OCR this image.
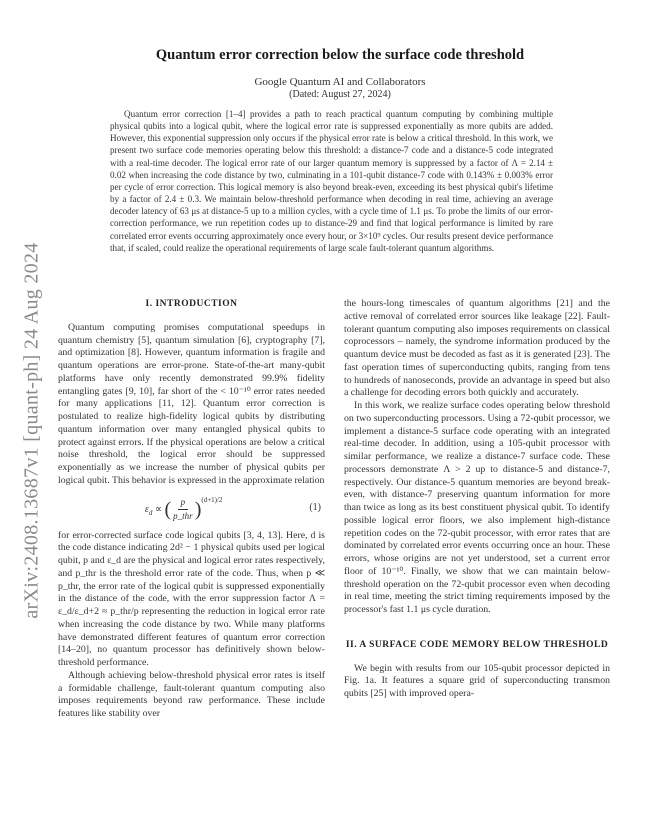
arXiv:2408.13687v1 [quant-ph] 24 Aug 2024
Quantum error correction below the surface code threshold
Google Quantum AI and Collaborators
(Dated: August 27, 2024)

Quantum error correction [1–4] provides a path to reach practical quantum computing by combining multiple physical qubits into a logical qubit, where the logical error rate is suppressed exponentially as more qubits are added. However, this exponential suppression only occurs if the physical error rate is below a critical threshold. In this work, we present two surface code memories operating below this threshold: a distance-7 code and a distance-5 code integrated with a real-time decoder. The logical error rate of our larger quantum memory is suppressed by a factor of Λ = 2.14 ± 0.02 when increasing the code distance by two, culminating in a 101-qubit distance-7 code with 0.143% ± 0.003% error per cycle of error correction. This logical memory is also beyond break-even, exceeding its best physical qubit's lifetime by a factor of 2.4 ± 0.3. We maintain below-threshold performance when decoding in real time, achieving an average decoder latency of 63 μs at distance-5 up to a million cycles, with a cycle time of 1.1 μs. To probe the limits of our error-correction performance, we run repetition codes up to distance-29 and find that logical performance is limited by rare correlated error events occurring approximately once every hour, or 3×10⁹ cycles. Our results present device performance that, if scaled, could realize the operational requirements of large scale fault-tolerant quantum algorithms.

I. INTRODUCTION

Quantum computing promises computational speedups in quantum chemistry [5], quantum simulation [6], cryptography [7], and optimization [8]. However, quantum information is fragile and quantum operations are error-prone. State-of-the-art many-qubit platforms have only recently demonstrated 99.9% fidelity entangling gates [9, 10], far short of the < 10⁻¹⁰ error rates needed for many applications [11, 12]. Quantum error correction is postulated to realize high-fidelity logical qubits by distributing quantum information over many entangled physical qubits to protect against errors. If the physical operations are below a critical noise threshold, the logical error should be suppressed exponentially as we increase the number of physical qubits per logical qubit. This behavior is expressed in the approximate relation

$\varepsilon_d$ ∝ ( $\frac{p}{\text{p\_thr}} )^{(d+1)/2}$
(1)

for error-corrected surface code logical qubits [3, 4, 13]. Here, d is the code distance indicating 2d² − 1 physical qubits used per logical qubit, p and ε_d are the physical and logical error rates respectively, and p_thr is the threshold error rate of the code. Thus, when p ≪ p_thr, the error rate of the logical qubit is suppressed exponentially in the distance of the code, with the error suppression factor Λ = ε_d/ε_d+2 ≈ p_thr/p representing the reduction in logical error rate when increasing the code distance by two. While many platforms have demonstrated different features of quantum error correction [14–20], no quantum processor has definitively shown below-threshold performance.

Although achieving below-threshold physical error rates is itself a formidable challenge, fault-tolerant quantum computing also imposes requirements beyond raw performance. These include features like stability over

the hours-long timescales of quantum algorithms [21] and the active removal of correlated error sources like leakage [22]. Fault-tolerant quantum computing also imposes requirements on classical coprocessors – namely, the syndrome information produced by the quantum device must be decoded as fast as it is generated [23]. The fast operation times of superconducting qubits, ranging from tens to hundreds of nanoseconds, provide an advantage in speed but also a challenge for decoding errors both quickly and accurately.

In this work, we realize surface codes operating below threshold on two superconducting processors. Using a 72-qubit processor, we implement a distance-5 surface code operating with an integrated real-time decoder. In addition, using a 105-qubit processor with similar performance, we realize a distance-7 surface code. These processors demonstrate Λ > 2 up to distance-5 and distance-7, respectively. Our distance-5 quantum memories are beyond break-even, with distance-7 preserving quantum information for more than twice as long as its best constituent physical qubit. To identify possible logical error floors, we also implement high-distance repetition codes on the 72-qubit processor, with error rates that are dominated by correlated error events occurring once an hour. These errors, whose origins are not yet understood, set a current error floor of 10⁻¹⁰. Finally, we show that we can maintain below-threshold operation on the 72-qubit processor even when decoding in real time, meeting the strict timing requirements imposed by the processor's fast 1.1 μs cycle duration.

II. A SURFACE CODE MEMORY BELOW THRESHOLD

We begin with results from our 105-qubit processor depicted in Fig. 1a. It features a square grid of superconducting transmon qubits [25] with improved opera-
